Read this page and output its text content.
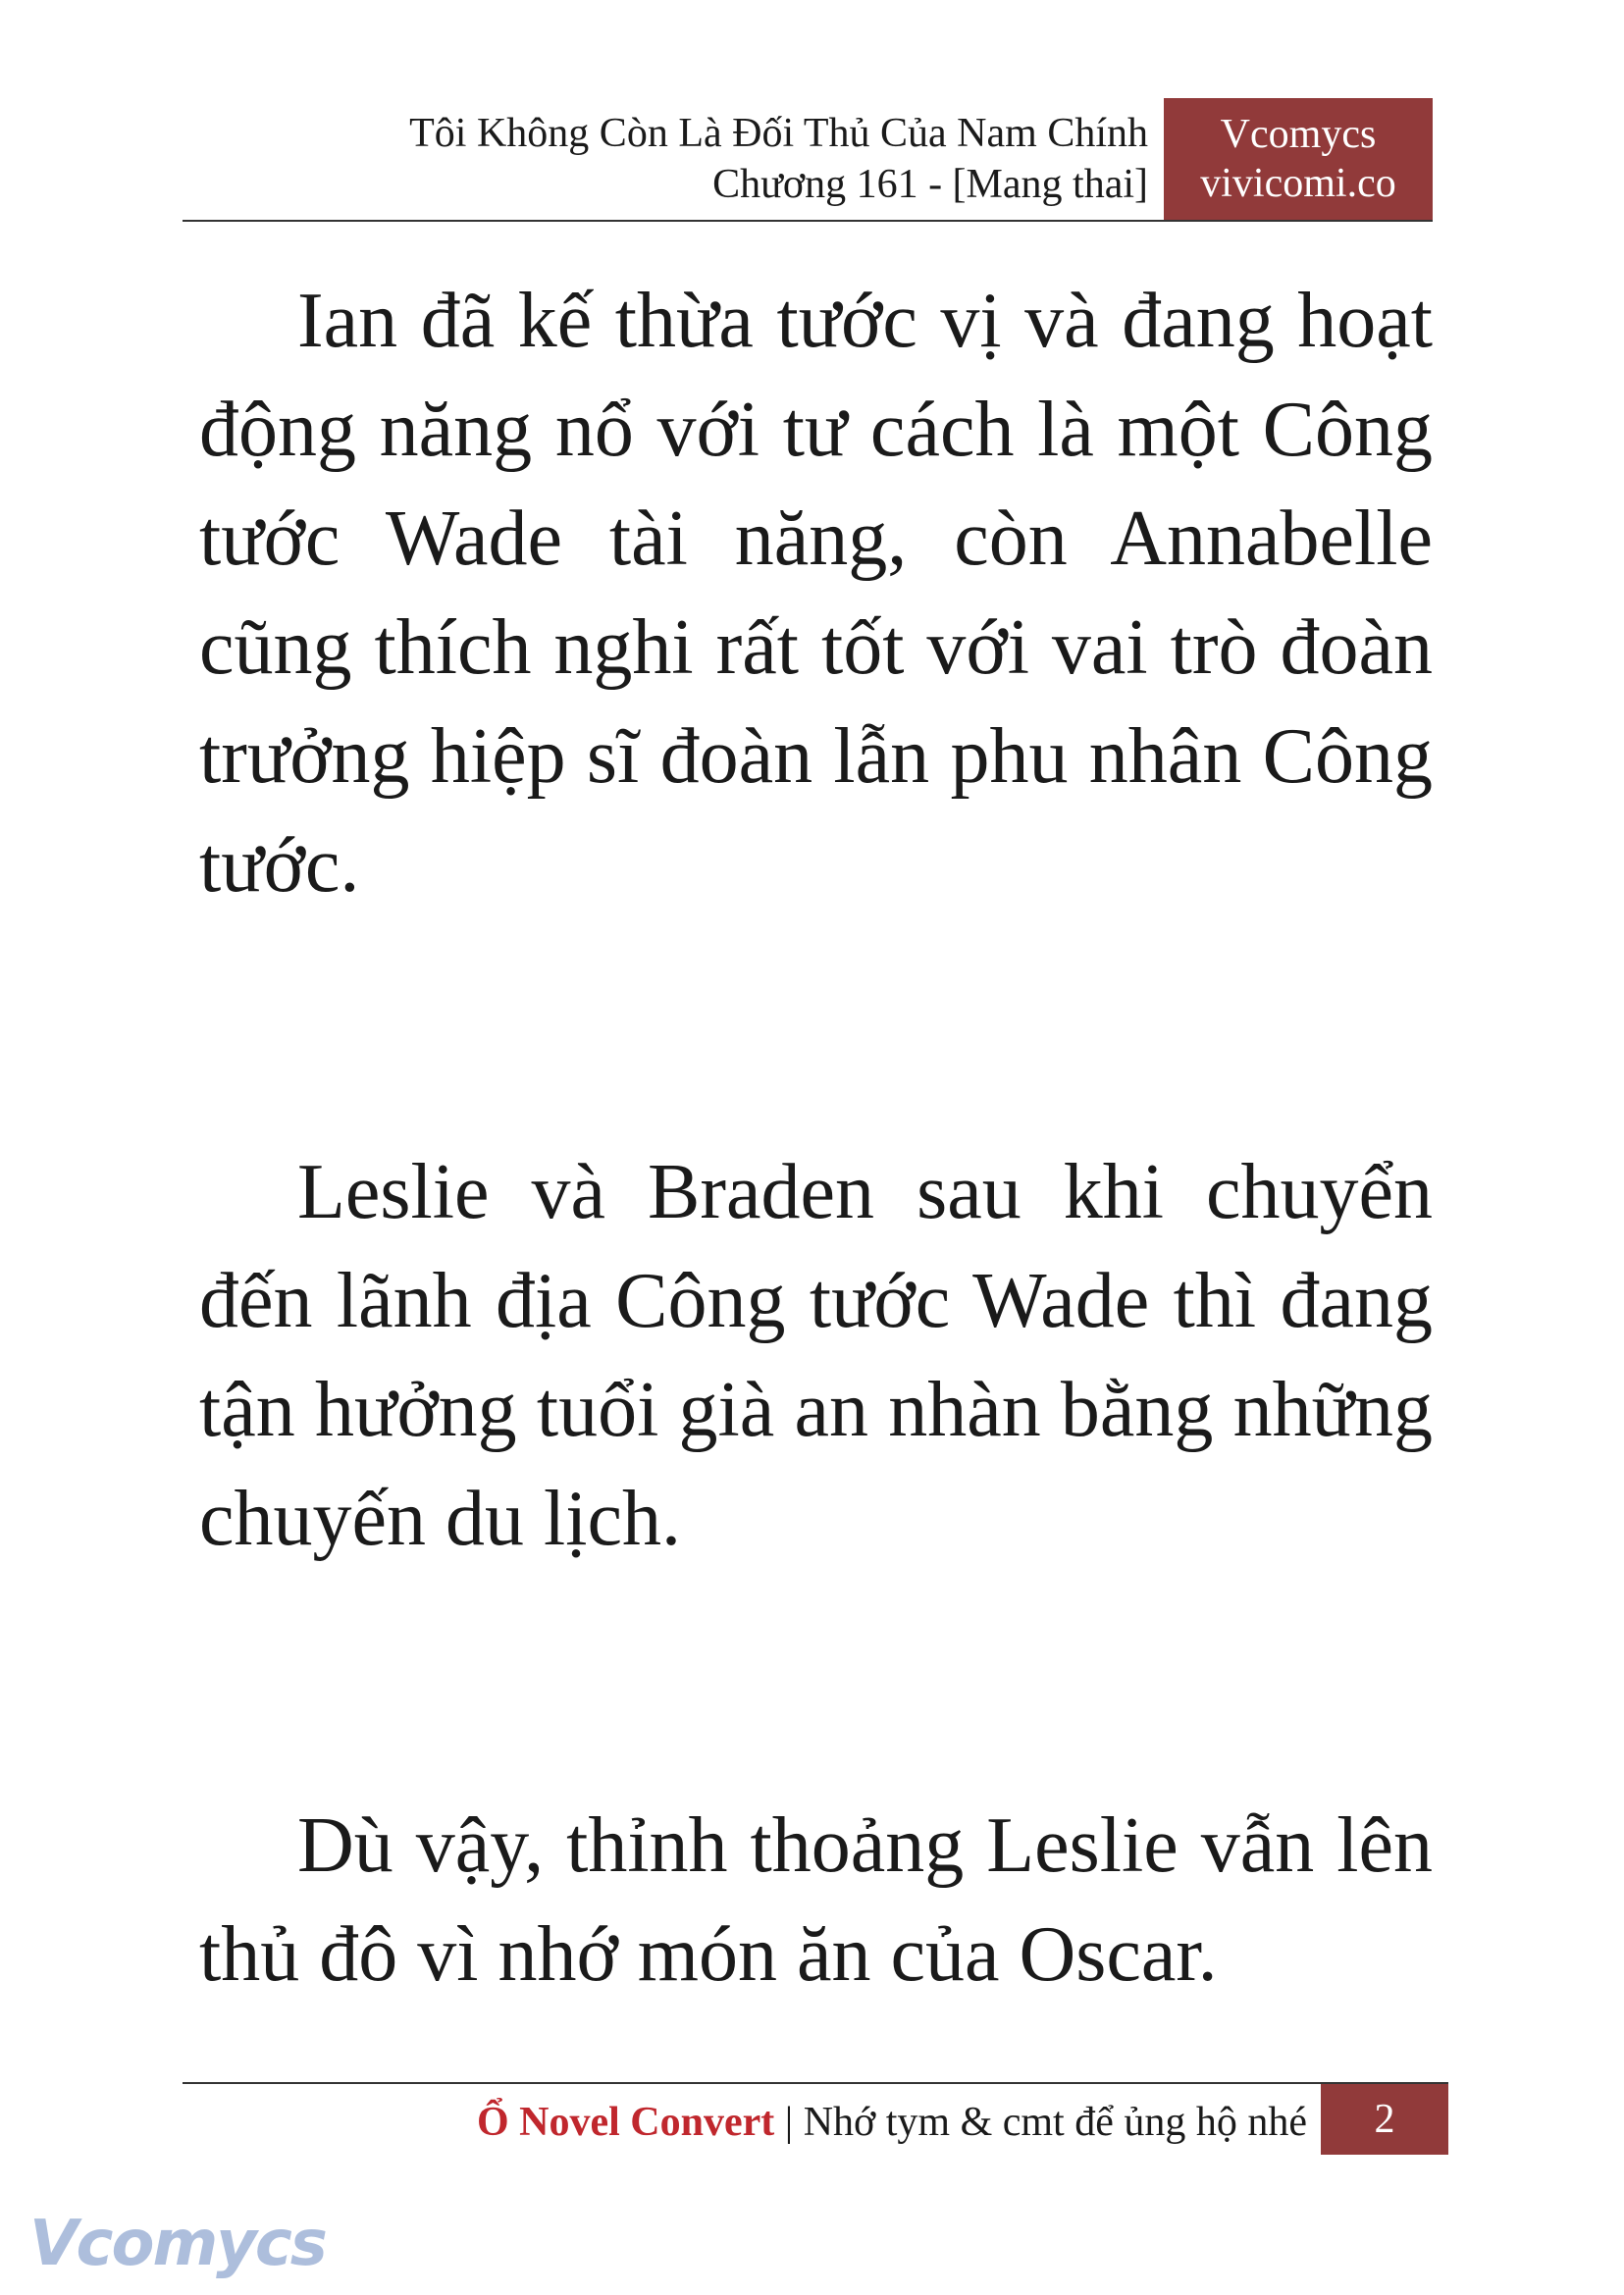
Tôi Không Còn Là Đối Thủ Của Nam Chính
Chương 161 - [Mang thai]
Vcomycs
vivicomi.co

Ian đã kế thừa tước vị và đang hoạt động năng nổ với tư cách là một Công tước Wade tài năng, còn Annabelle cũng thích nghi rất tốt với vai trò đoàn trưởng hiệp sĩ đoàn lẫn phu nhân Công tước.

Leslie và Braden sau khi chuyển đến lãnh địa Công tước Wade thì đang tận hưởng tuổi già an nhàn bằng những chuyến du lịch.

Dù vậy, thỉnh thoảng Leslie vẫn lên thủ đô vì nhớ món ăn của Oscar.

Ổ Novel Convert | Nhớ tym & cmt để ủng hộ nhé	2
Vcomycs
